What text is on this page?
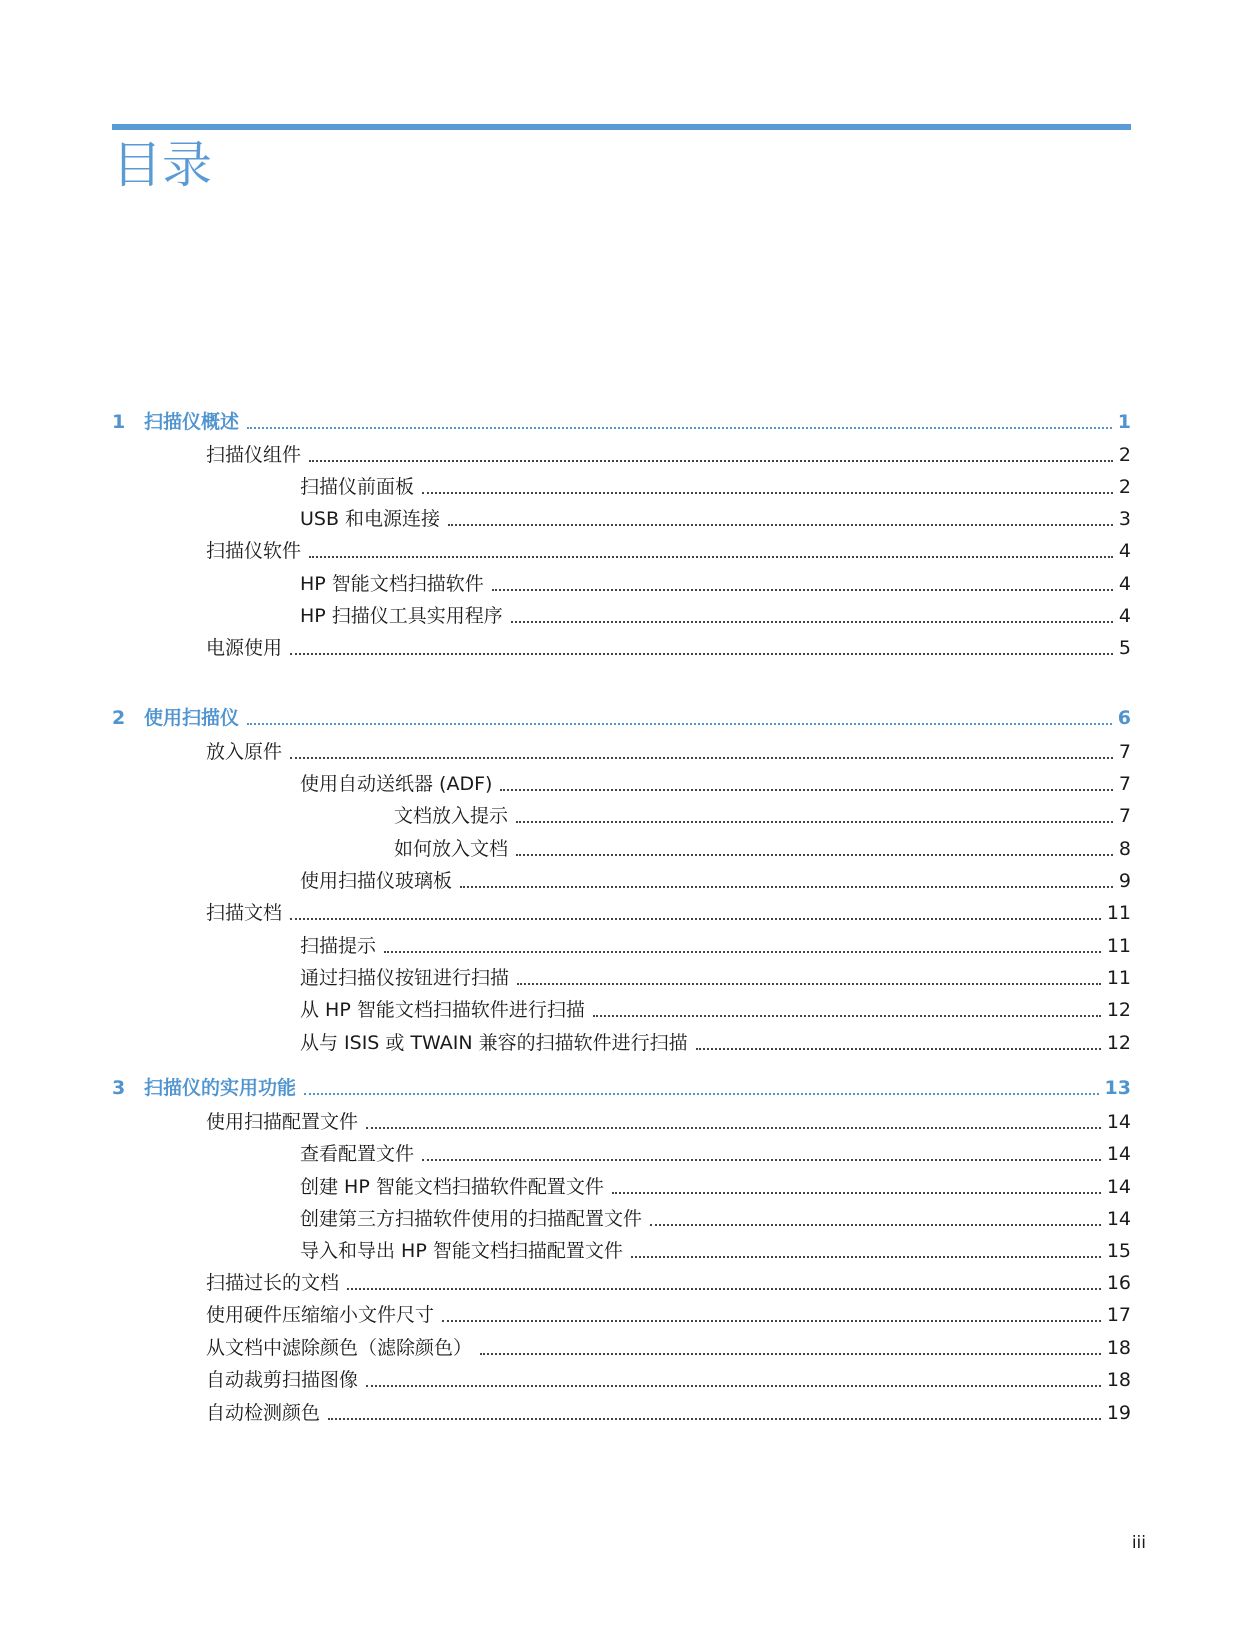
目录
1 扫描仪概述	1
扫描仪组件	2
扫描仪前面板	2
USB 和电源连接	3
扫描仪软件	4
HP 智能文档扫描软件	4
HP 扫描仪工具实用程序	4
电源使用	5
2 使用扫描仪	6
放入原件	7
使用自动送纸器 (ADF)	7
文档放入提示	7
如何放入文档	8
使用扫描仪玻璃板	9
扫描文档	11
扫描提示	11
通过扫描仪按钮进行扫描	11
从 HP 智能文档扫描软件进行扫描	12
从与 ISIS 或 TWAIN 兼容的扫描软件进行扫描	12
3 扫描仪的实用功能	13
使用扫描配置文件	14
查看配置文件	14
创建 HP 智能文档扫描软件配置文件	14
创建第三方扫描软件使用的扫描配置文件	14
导入和导出 HP 智能文档扫描配置文件	15
扫描过长的文档	16
使用硬件压缩缩小文件尺寸	17
从文档中滤除颜色（滤除颜色）	18
自动裁剪扫描图像	18
自动检测颜色	19
iii
